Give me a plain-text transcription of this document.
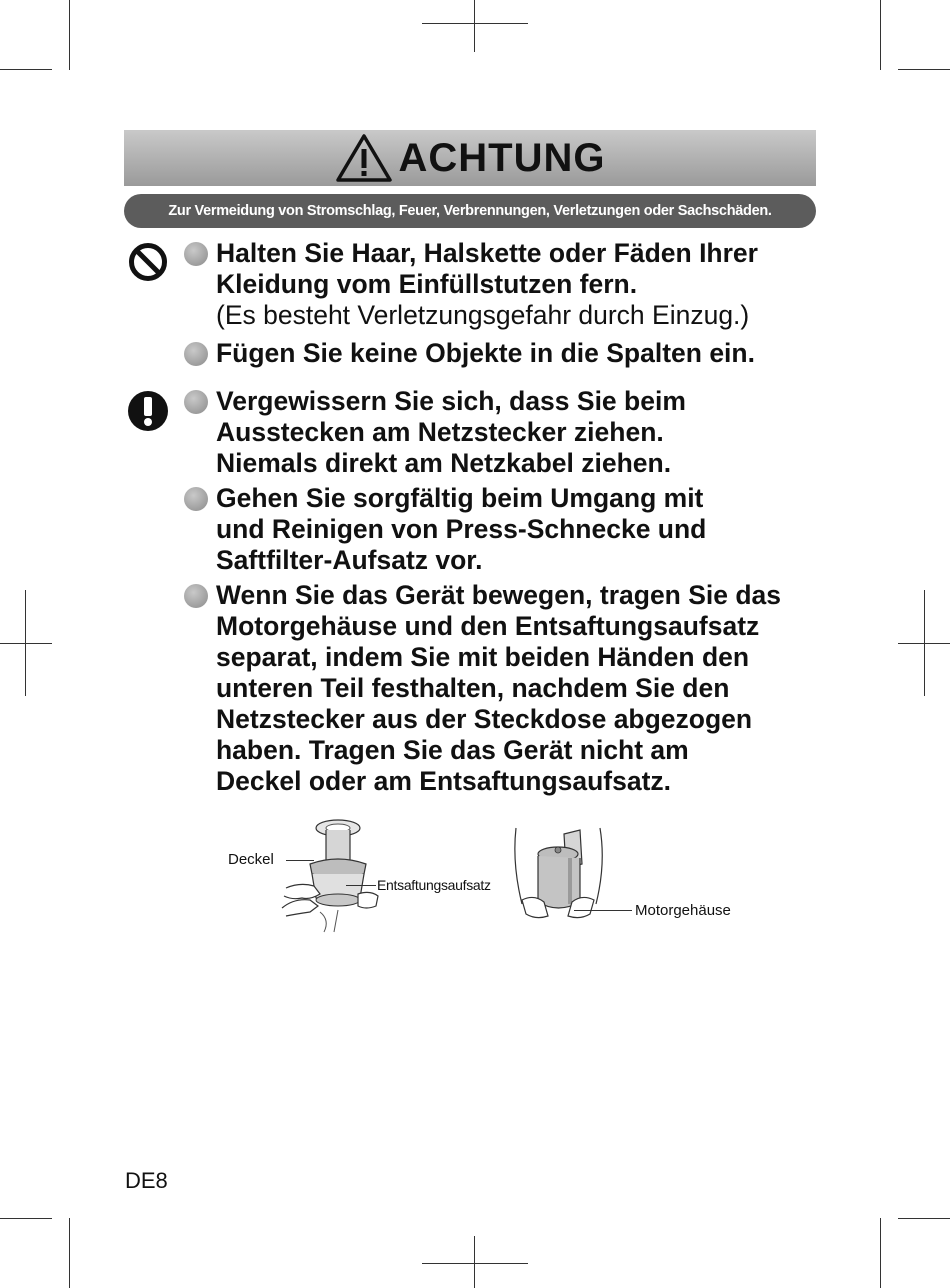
ACHTUNG
Zur Vermeidung von Stromschlag, Feuer, Verbrennungen, Verletzungen oder Sachschäden.
Halten Sie Haar, Halskette oder Fäden Ihrer
Kleidung vom Einfüllstutzen fern.
(Es besteht Verletzungsgefahr durch Einzug.)
Fügen Sie keine Objekte in die Spalten ein.
Vergewissern Sie sich, dass Sie beim
Ausstecken am Netzstecker ziehen.
Niemals direkt am Netzkabel ziehen.
Gehen Sie sorgfältig beim Umgang mit
und Reinigen von Press-Schnecke und
Saftfilter-Aufsatz vor.
Wenn Sie das Gerät bewegen, tragen Sie das
Motorgehäuse und den Entsaftungsaufsatz
separat, indem Sie mit beiden Händen den
unteren Teil festhalten, nachdem Sie den
Netzstecker aus der Steckdose abgezogen
haben. Tragen Sie das Gerät nicht am
Deckel oder am Entsaftungsaufsatz.
Deckel
Entsaftungsaufsatz
Motorgehäuse
DE8
